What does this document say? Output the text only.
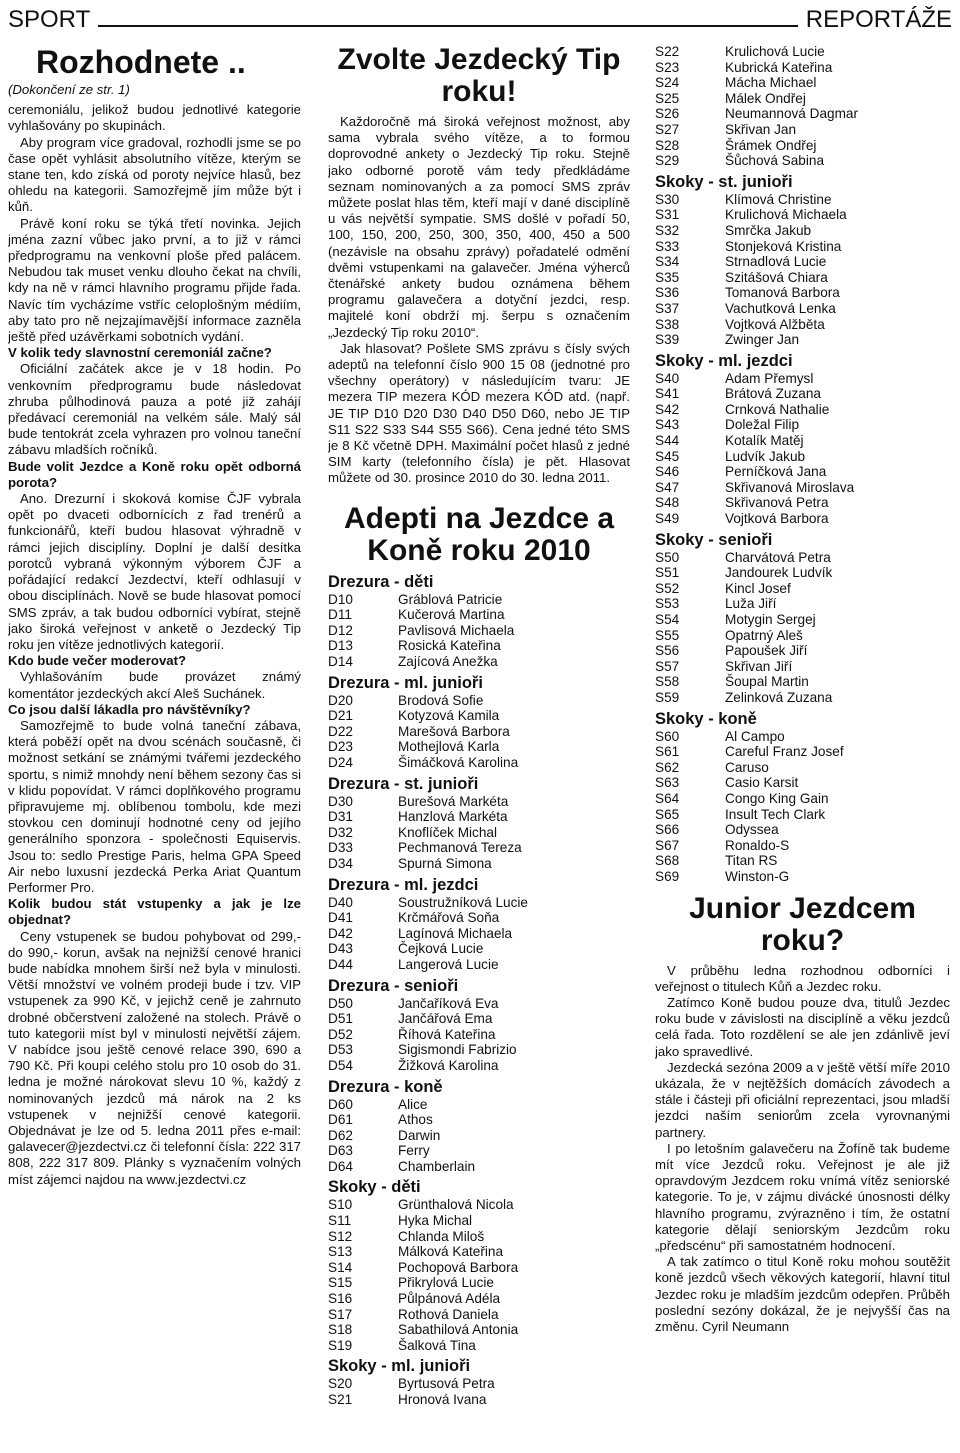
SPORT	REPORTÁŽE
Rozhodnete ..

(Dokončení ze str. 1)

ceremoniálu, jelikož budou jednotlivé kategorie vyhlašovány po skupinách.

Aby program více gradoval, rozhodli jsme se po čase opět vyhlásit absolutního vítěze, kterým se stane ten, kdo získá od poroty nejvíce hlasů, bez ohledu na kategorii. Samozřejmě jím může být i kůň.

Právě koní roku se týká třetí novinka. Jejich jména zazní vůbec jako první, a to již v rámci předprogramu na venkovní ploše před palácem. Nebudou tak muset venku dlouho čekat na chvíli, kdy na ně v rámci hlavního programu přijde řada. Navíc tím vycházíme vstříc celoplošným médiím, aby tato pro ně nejzajímavější informace zazněla ještě před uzávěrkami sobotních vydání.

V kolik tedy slavnostní ceremoniál začne?

Oficiální začátek akce je v 18 hodin. Po venkovním předprogramu bude následovat zhruba půlhodinová pauza a poté již zahájí předávací ceremoniál na velkém sále. Malý sál bude tentokrát zcela vyhrazen pro volnou taneční zábavu mladších ročníků.

Bude volit Jezdce a Koně roku opět odborná porota?

Ano. Drezurní i skoková komise ČJF vybrala opět po dvaceti odbornících z řad trenérů a funkcionářů, kteří budou hlasovat výhradně v rámci jejich disciplíny. Doplní je další desítka porotců vybraná výkonným výborem ČJF a pořádající redakcí Jezdectví, kteří odhlasují v obou disciplínách. Nově se bude hlasovat pomocí SMS zpráv, a tak budou odborníci vybírat, stejně jako široká veřejnost v anketě o Jezdecký Tip roku jen vítěze jednotlivých kategorií.

Kdo bude večer moderovat?

Vyhlašováním bude provázet známý komentátor jezdeckých akcí Aleš Suchánek.

Co jsou další lákadla pro návštěvníky?

Samozřejmě to bude volná taneční zábava, která poběží opět na dvou scénách současně, či možnost setkání se známými tvářemi jezdeckého sportu, s nimiž mnohdy není během sezony čas si v klidu popovídat. V rámci doplňkového programu připravujeme mj. oblíbenou tombolu, kde mezi stovkou cen dominují hodnotné ceny od jejího generálního sponzora - společnosti Equiservis. Jsou to: sedlo Prestige Paris, helma GPA Speed Air nebo luxusní jezdecká Perka Ariat Quantum Performer Pro.

Kolik budou stát vstupenky a jak je lze objednat?

Ceny vstupenek se budou pohybovat od 299,- do 990,- korun, avšak na nejnižší cenové hranici bude nabídka mnohem širší než byla v minulosti. Větší množství ve volném prodeji bude i tzv. VIP vstupenek za 990 Kč, v jejichž ceně je zahrnuto drobné občerstvení založené na stolech. Právě o tuto kategorii míst byl v minulosti největší zájem. V nabídce jsou ještě cenové relace 390, 690 a 790 Kč. Při koupi celého stolu pro 10 osob do 31. ledna je možné nárokovat slevu 10 %, každý z nominovaných jezdců má nárok na 2 ks vstupenek v nejnižší cenové kategorii. Objednávat je lze od 5. ledna 2011 přes e-mail: galavecer@jezdectvi.cz či telefonní čísla: 222 317 808, 222 317 809. Plánky s vyznačením volných míst zájemci najdou na www.jezdectvi.cz

Zvolte Jezdecký Tip roku!

Každoročně má široká veřejnost možnost, aby sama vybrala svého vítěze, a to formou doprovodné ankety o Jezdecký Tip roku. Stejně jako odborné porotě vám tedy předkládáme seznam nominovaných a za pomocí SMS zpráv můžete poslat hlas těm, kteří mají v dané disciplíně u vás největší sympatie. SMS došlé v pořadí 50, 100, 150, 200, 250, 300, 350, 400, 450 a 500 (nezávisle na obsahu zprávy) pořadatelé odmění dvěmi vstupenkami na galavečer. Jména výherců čtenářské ankety budou oznámena během programu galavečera a dotyční jezdci, resp. majitelé koní obdrží mj. šerpu s označením „Jezdecký Tip roku 2010“.

Jak hlasovat? Pošlete SMS zprávu s čísly svých adeptů na telefonní číslo 900 15 08 (jednotné pro všechny operátory) v následujícím tvaru: JE mezera TIP mezera KÓD mezera KÓD atd. (např. JE TIP D10 D20 D30 D40 D50 D60, nebo JE TIP S11 S22 S33 S44 S55 S66). Cena jedné této SMS je 8 Kč včetně DPH. Maximální počet hlasů z jedné SIM karty (telefonního čísla) je pět. Hlasovat můžete od 30. prosince 2010 do 30. ledna 2011.

Adepti na Jezdce a Koně roku 2010
Drezura - děti
D10	Gráblová Patricie
D11	Kučerová Martina
D12	Pavlisová Michaela
D13	Rosická Kateřina
D14	Zajícová Anežka
Drezura - ml. junioři
D20	Brodová Sofie
D21	Kotyzová Kamila
D22	Marešová Barbora
D23	Mothejlová Karla
D24	Šimáčková Karolina
Drezura - st. junioři
D30	Burešová Markéta
D31	Hanzlová Markéta
D32	Knoflíček Michal
D33	Pechmanová Tereza
D34	Spurná Simona
Drezura - ml. jezdci
D40	Soustružníková Lucie
D41	Krčmářová Soňa
D42	Lagínová Michaela
D43	Čejková Lucie
D44	Langerová Lucie
Drezura - senioři
D50	Jančaříková Eva
D51	Jančářová Ema
D52	Říhová Kateřina
D53	Sigismondi Fabrizio
D54	Žižková Karolina
Drezura - koně
D60	Alice
D61	Athos
D62	Darwin
D63	Ferry
D64	Chamberlain
Skoky - děti
S10	Grünthalová Nicola
S11	Hyka Michal
S12	Chlanda Miloš
S13	Málková Kateřina
S14	Pochopová Barbora
S15	Přikrylová Lucie
S16	Půlpánová Adéla
S17	Rothová Daniela
S18	Sabathilová Antonia
S19	Šalková Tina
Skoky - ml. junioři
S20	Byrtusová Petra
S21	Hronová Ivana
S22	Krulichová Lucie
S23	Kubrická Kateřina
S24	Mácha Michael
S25	Málek Ondřej
S26	Neumannová Dagmar
S27	Skřivan Jan
S28	Šrámek Ondřej
S29	Šůchová Sabina
Skoky - st. junioři
S30	Klímová Christine
S31	Krulichová Michaela
S32	Smrčka Jakub
S33	Stonjeková Kristina
S34	Strnadlová Lucie
S35	Szitášová Chiara
S36	Tomanová Barbora
S37	Vachutková Lenka
S38	Vojtková Alžběta
S39	Zwinger Jan
Skoky - ml. jezdci
S40	Adam Přemysl
S41	Brátová Zuzana
S42	Crnková Nathalie
S43	Doležal Filip
S44	Kotalík Matěj
S45	Ludvík Jakub
S46	Perníčková Jana
S47	Skřivanová Miroslava
S48	Skřivanová Petra
S49	Vojtková Barbora
Skoky - senioři
S50	Charvátová Petra
S51	Jandourek Ludvík
S52	Kincl Josef
S53	Luža Jiří
S54	Motygin Sergej
S55	Opatrný Aleš
S56	Papoušek Jiří
S57	Skřivan Jiří
S58	Šoupal Martin
S59	Zelinková Zuzana
Skoky - koně
S60	Al Campo
S61	Careful Franz Josef
S62	Caruso
S63	Casio Karsit
S64	Congo King Gain
S65	Insult Tech Clark
S66	Odyssea
S67	Ronaldo-S
S68	Titan RS
S69	Winston-G
Junior Jezdcem roku?

V průběhu ledna rozhodnou odborníci i veřejnost o titulech Kůň a Jezdec roku.

Zatímco Koně budou pouze dva, titulů Jezdec roku bude v závislosti na disciplíně a věku jezdců celá řada. Toto rozdělení se ale jen zdánlivě jeví jako spravedlivé.

Jezdecká sezóna 2009 a v ještě větší míře 2010 ukázala, že v nejtěžších domácích závodech a stále i částeji při oficiální reprezentaci, jsou mladší jezdci naším seniorům zcela vyrovnanými partnery.

I po letošním galavečeru na Žofíně tak budeme mít více Jezdců roku. Veřejnost je ale již opravdovým Jezdcem roku vnímá vítěz seniorské kategorie. To je, v zájmu divácké únosnosti délky hlavního programu, zvýrazněno i tím, že ostatní kategorie dělají seniorským Jezdcům roku „předscénu“ při samostatném hodnocení.

A tak zatímco o titul Koně roku mohou soutěžit koně jezdců všech věkových kategorií, hlavní titul Jezdec roku je mladším jezdcům odepřen. Průběh poslední sezóny dokázal, že je nejvyšší čas na změnu. Cyril Neumann
